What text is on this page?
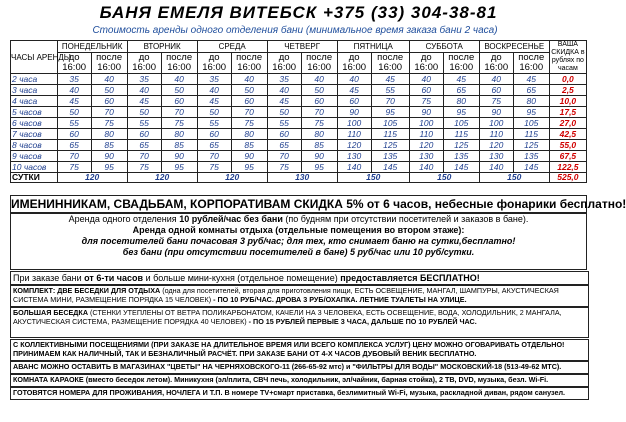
БАНЯ ЕМЕЛЯ ВИТЕБСК +375 (33) 304-38-81
Стоимость аренды одного отделения бани (минимальное время заказа бани 2 часа)
ЧАСЫ АРЕНДЫ	ПОНЕДЕЛЬНИК		ВТОРНИК		СРЕДА		ЧЕТВЕРГ		ПЯТНИЦА		СУББОТА		ВОСКРЕСЕНЬЕ		ВАША СКИДКА в рублях по часам
	до 16:00	после 16:00	до 16:00	после 16:00	до 16:00	после 16:00	до 16:00	после 16:00	до 16:00	после 16:00	до 16:00	после 16:00	до 16:00	после 16:00	
2 часа	35	40	35	40	35	40	35	40	40	45	40	45	40	45	0,0
3 часа	40	50	40	50	40	50	40	50	45	55	60	65	60	65	2,5
4 часа	45	60	45	60	45	60	45	60	60	70	75	80	75	80	10,0
5 часов	50	70	50	70	50	70	50	70	90	95	90	95	90	95	17,5
6 часов	55	75	55	75	55	75	55	75	100	105	100	105	100	105	27,0
7 часов	60	80	60	80	60	80	60	80	110	115	110	115	110	115	42,5
8 часов	65	85	65	85	65	85	65	85	120	125	120	125	120	125	55,0
9 часов	70	90	70	90	70	90	70	90	130	135	130	135	130	135	67,5
10 часов	75	95	75	95	75	95	75	95	140	145	140	145	140	145	122,5
СУТКИ	120		120		120		130		150		150		150		525,0
ИМЕНИННИКАМ, СВАДЬБАМ, КОРПОРАТИВАМ СКИДКА 5% от 6 часов, небесные фонарики бесплатно!
Аренда одного отделения 10 рублей/час без бани (по будням при отсутствии посетителей и заказов в бане).
Аренда одной комнаты отдыха (отдельные помещения во втором этаже):
для посетителей бани почасовая 3 руб/час; для тех, кто снимает баню на сутки,бесплатно!
без бани (при отсутствии посетителей в бане) 5 руб/час или 10 руб/сутки.
При заказе бани от 6-ти часов и больше мини-кухня (отдельное помещение) предоставляется БЕСПЛАТНО!
КОМПЛЕКТ: ДВЕ БЕСЕДКИ ДЛЯ ОТДЫХА (одна для посетителей, вторая для приготовления пищи, ЕСТЬ ОСВЕЩЕНИЕ, МАНГАЛ, ШАМПУРЫ, АКУСТИЧЕСКАЯ СИСТЕМА МИНИ, РАЗМЕЩЕНИЕ ПОРЯДКА 15 ЧЕЛОВЕК) - ПО 10 РУБ/ЧАС. ДРОВА 3 РУБ/ОХАПКА. ЛЕТНИЕ ТУАЛЕТЫ НА УЛИЦЕ.
БОЛЬШАЯ БЕСЕДКА (СТЕНКИ УТЕПЛЕНЫ ОТ ВЕТРА ПОЛИКАРБОНАТОМ, КАЧЕЛИ НА 3 ЧЕЛОВЕКА, ЕСТЬ ОСВЕЩЕНИЕ, ВОДА, ХОЛОДИЛЬНИК, 2 МАНГАЛА, АКУСТИЧЕСКАЯ СИСТЕМА, РАЗМЕЩЕНИЕ ПОРЯДКА 40 ЧЕЛОВЕК) - ПО 15 РУБЛЕЙ ПЕРВЫЕ 3 ЧАСА, ДАЛЬШЕ ПО 10 РУБЛЕЙ ЧАС.
С КОЛЛЕКТИВНЫМИ ПОСЕЩЕНИЯМИ (ПРИ ЗАКАЗЕ НА ДЛИТЕЛЬНОЕ ВРЕМЯ ИЛИ ВСЕГО КОМПЛЕКСА УСЛУГ) ЦЕНУ МОЖНО ОГОВАРИВАТЬ ОТДЕЛЬНО! ПРИНИМАЕМ КАК НАЛИЧНЫЙ, ТАК И БЕЗНАЛИЧНЫЙ РАСЧЁТ. ПРИ ЗАКАЗЕ БАНИ ОТ 4-Х ЧАСОВ ДУБОВЫЙ ВЕНИК БЕСПЛАТНО.
АВАНС МОЖНО ОСТАВИТЬ В МАГАЗИНАХ "ЦВЕТЫ" НА ЧЕРНЯХОВСКОГО-11 (266-65-92 мтс) и "ФИЛЬТРЫ ДЛЯ ВОДЫ" МОСКОВСКИЙ-18 (513-49-62 МТС).
КОМНАТА КАРАОКЕ (вместо беседок летом). Миникухня (эл/плита, СВЧ печь, холодильник, эл/чайник, барная стойка), 2 ТВ, DVD, музыка, безл. Wi-Fi.
ГОТОВЯТСЯ НОМЕРА ДЛЯ ПРОЖИВАНИЯ, НОЧЛЕГА И Т.П. В номере TV+смарт приставка, безлимитный Wi-Fi, музыка, раскладной диван, рядом санузел.
